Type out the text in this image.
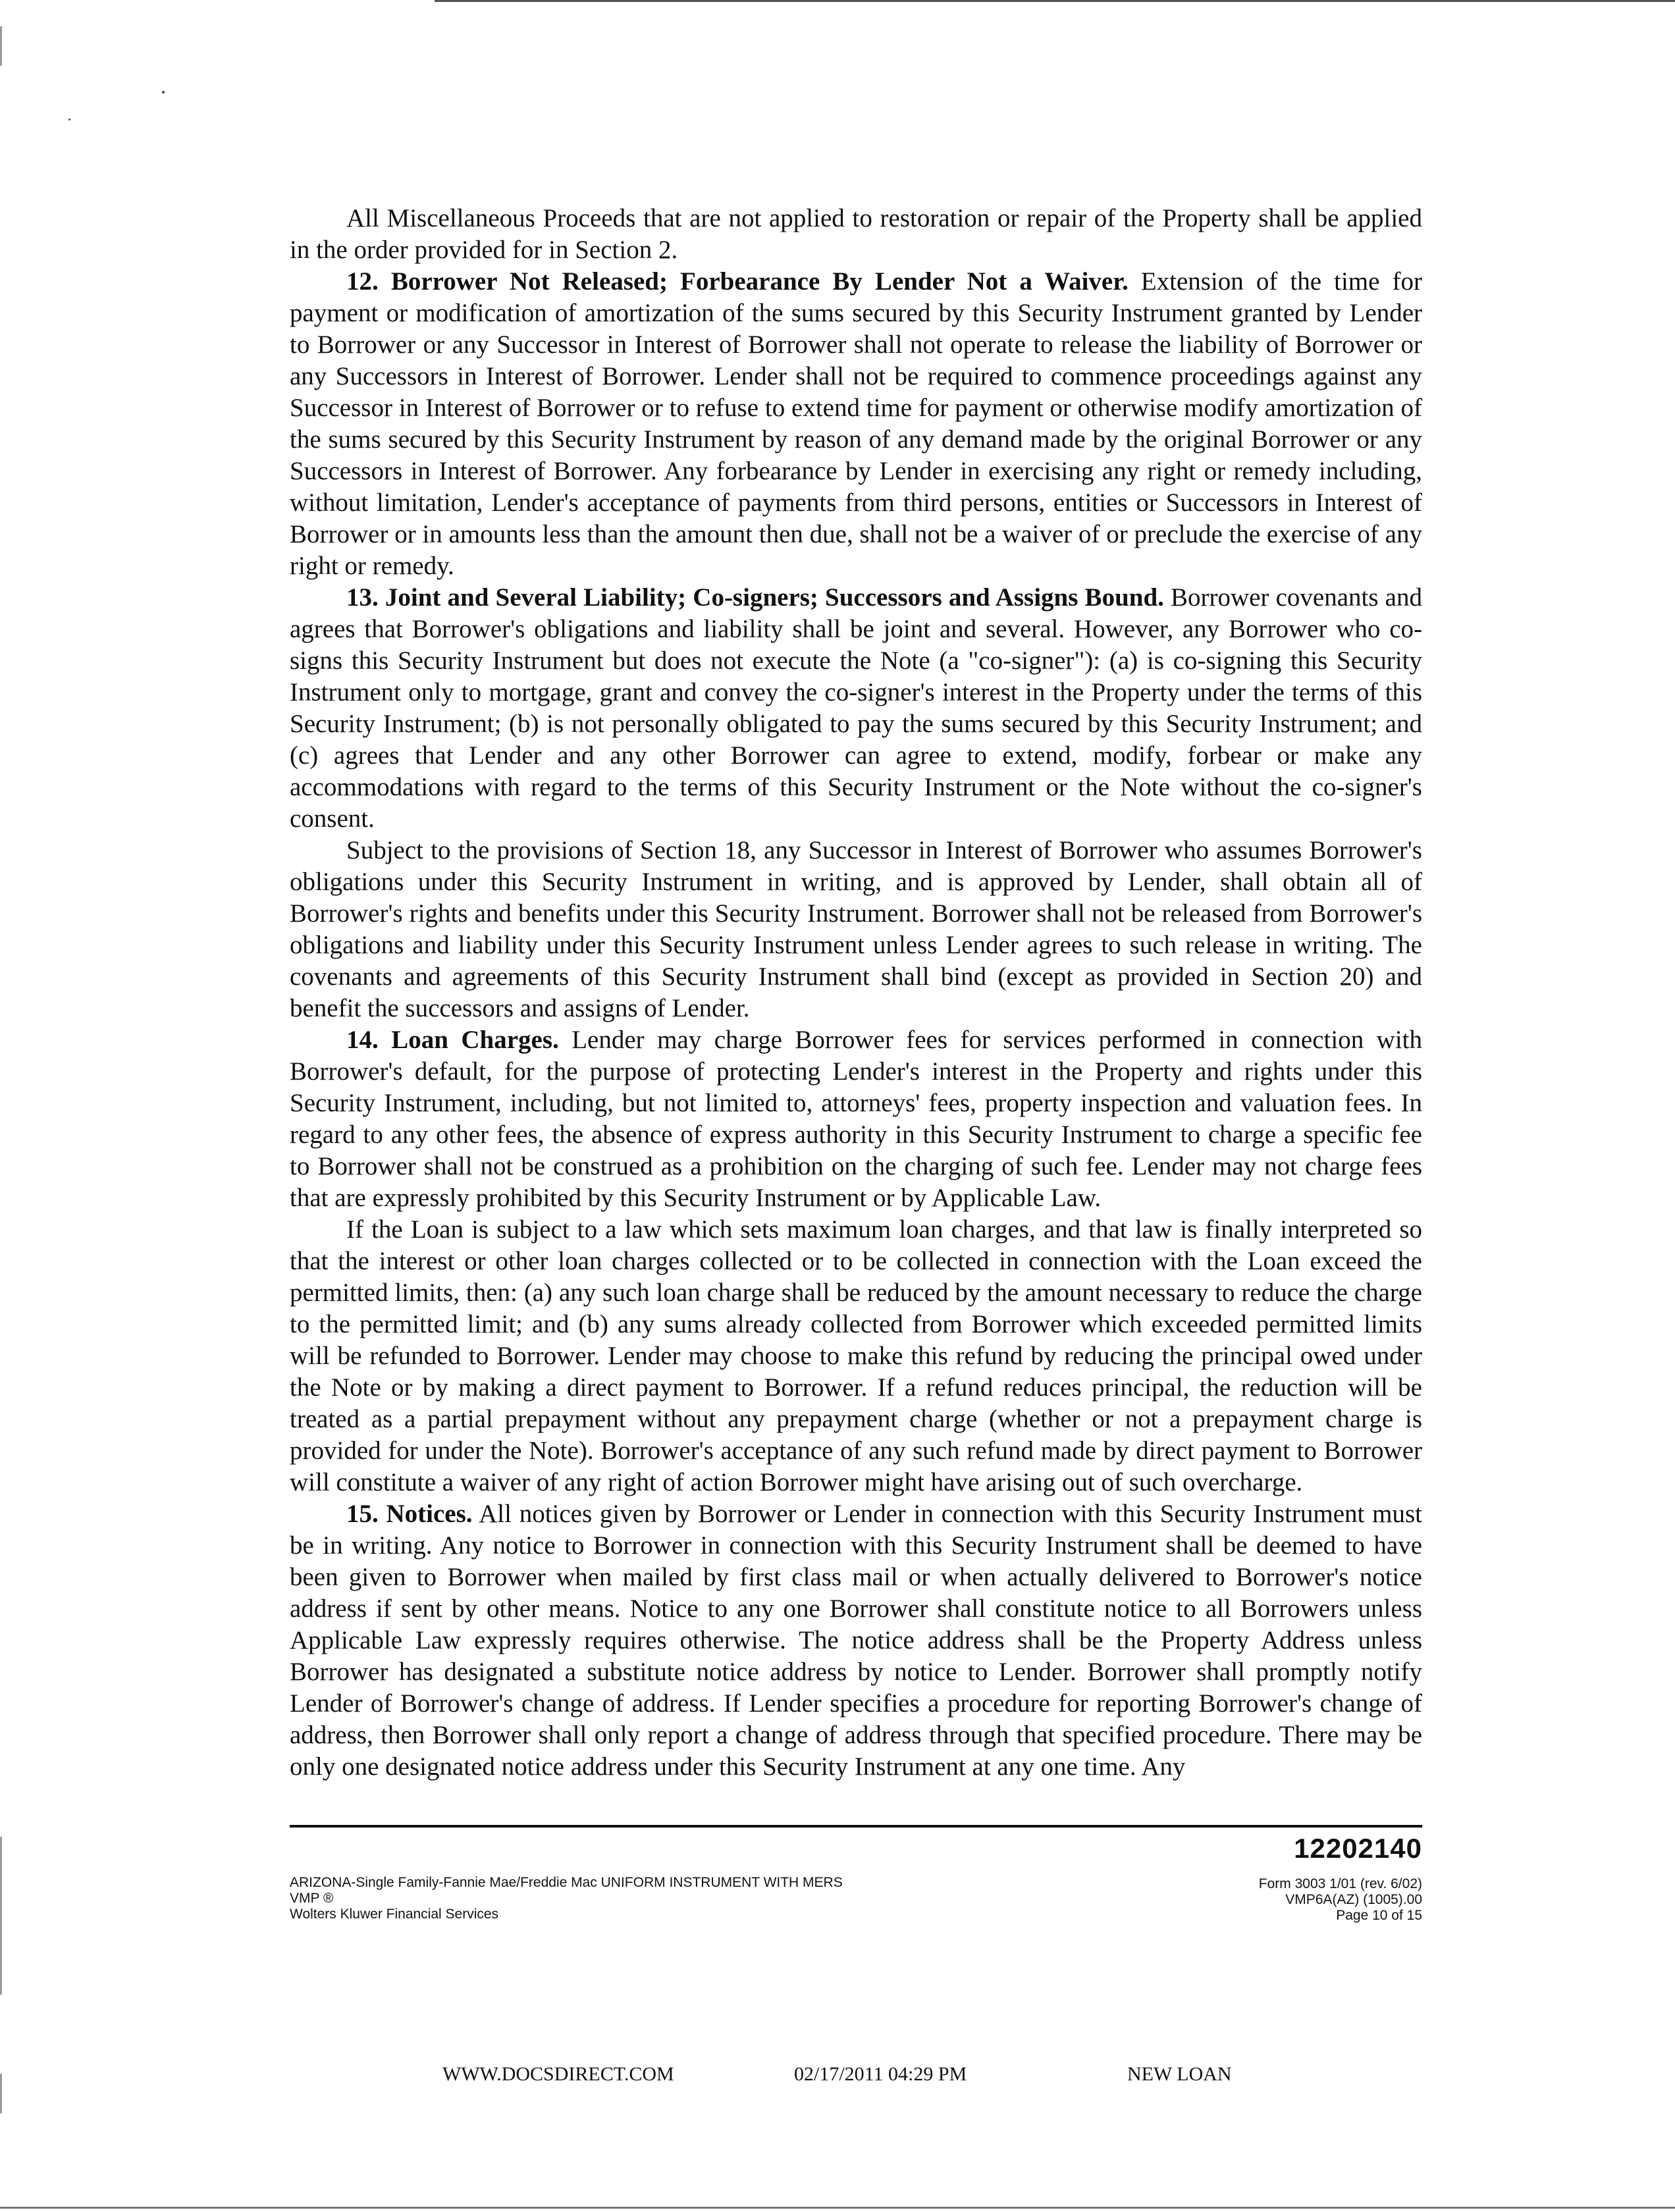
All Miscellaneous Proceeds that are not applied to restoration or repair of the Property shall be applied in the order provided for in Section 2.

12. Borrower Not Released; Forbearance By Lender Not a Waiver. Extension of the time for payment or modification of amortization of the sums secured by this Security Instrument granted by Lender to Borrower or any Successor in Interest of Borrower shall not operate to release the liability of Borrower or any Successors in Interest of Borrower. Lender shall not be required to commence proceedings against any Successor in Interest of Borrower or to refuse to extend time for payment or otherwise modify amortization of the sums secured by this Security Instrument by reason of any demand made by the original Borrower or any Successors in Interest of Borrower. Any forbearance by Lender in exercising any right or remedy including, without limitation, Lender's acceptance of payments from third persons, entities or Successors in Interest of Borrower or in amounts less than the amount then due, shall not be a waiver of or preclude the exercise of any right or remedy.

13. Joint and Several Liability; Co-signers; Successors and Assigns Bound. Borrower covenants and agrees that Borrower's obligations and liability shall be joint and several. However, any Borrower who co-signs this Security Instrument but does not execute the Note (a "co-signer"): (a) is co-signing this Security Instrument only to mortgage, grant and convey the co-signer's interest in the Property under the terms of this Security Instrument; (b) is not personally obligated to pay the sums secured by this Security Instrument; and (c) agrees that Lender and any other Borrower can agree to extend, modify, forbear or make any accommodations with regard to the terms of this Security Instrument or the Note without the co-signer's consent.

Subject to the provisions of Section 18, any Successor in Interest of Borrower who assumes Borrower's obligations under this Security Instrument in writing, and is approved by Lender, shall obtain all of Borrower's rights and benefits under this Security Instrument. Borrower shall not be released from Borrower's obligations and liability under this Security Instrument unless Lender agrees to such release in writing. The covenants and agreements of this Security Instrument shall bind (except as provided in Section 20) and benefit the successors and assigns of Lender.

14. Loan Charges. Lender may charge Borrower fees for services performed in connection with Borrower's default, for the purpose of protecting Lender's interest in the Property and rights under this Security Instrument, including, but not limited to, attorneys' fees, property inspection and valuation fees. In regard to any other fees, the absence of express authority in this Security Instrument to charge a specific fee to Borrower shall not be construed as a prohibition on the charging of such fee. Lender may not charge fees that are expressly prohibited by this Security Instrument or by Applicable Law.

If the Loan is subject to a law which sets maximum loan charges, and that law is finally interpreted so that the interest or other loan charges collected or to be collected in connection with the Loan exceed the permitted limits, then: (a) any such loan charge shall be reduced by the amount necessary to reduce the charge to the permitted limit; and (b) any sums already collected from Borrower which exceeded permitted limits will be refunded to Borrower. Lender may choose to make this refund by reducing the principal owed under the Note or by making a direct payment to Borrower. If a refund reduces principal, the reduction will be treated as a partial prepayment without any prepayment charge (whether or not a prepayment charge is provided for under the Note). Borrower's acceptance of any such refund made by direct payment to Borrower will constitute a waiver of any right of action Borrower might have arising out of such overcharge.

15. Notices. All notices given by Borrower or Lender in connection with this Security Instrument must be in writing. Any notice to Borrower in connection with this Security Instrument shall be deemed to have been given to Borrower when mailed by first class mail or when actually delivered to Borrower's notice address if sent by other means. Notice to any one Borrower shall constitute notice to all Borrowers unless Applicable Law expressly requires otherwise. The notice address shall be the Property Address unless Borrower has designated a substitute notice address by notice to Lender. Borrower shall promptly notify Lender of Borrower's change of address. If Lender specifies a procedure for reporting Borrower's change of address, then Borrower shall only report a change of address through that specified procedure. There may be only one designated notice address under this Security Instrument at any one time. Any

12202140
ARIZONA-Single Family-Fannie Mae/Freddie Mac UNIFORM INSTRUMENT WITH MERS
VMP ®
Wolters Kluwer Financial Services
Form 3003 1/01 (rev. 6/02)
VMP6A(AZ) (1005).00
Page 10 of 15
WWW.DOCSDIRECT.COM	02/17/2011 04:29 PM	NEW LOAN
